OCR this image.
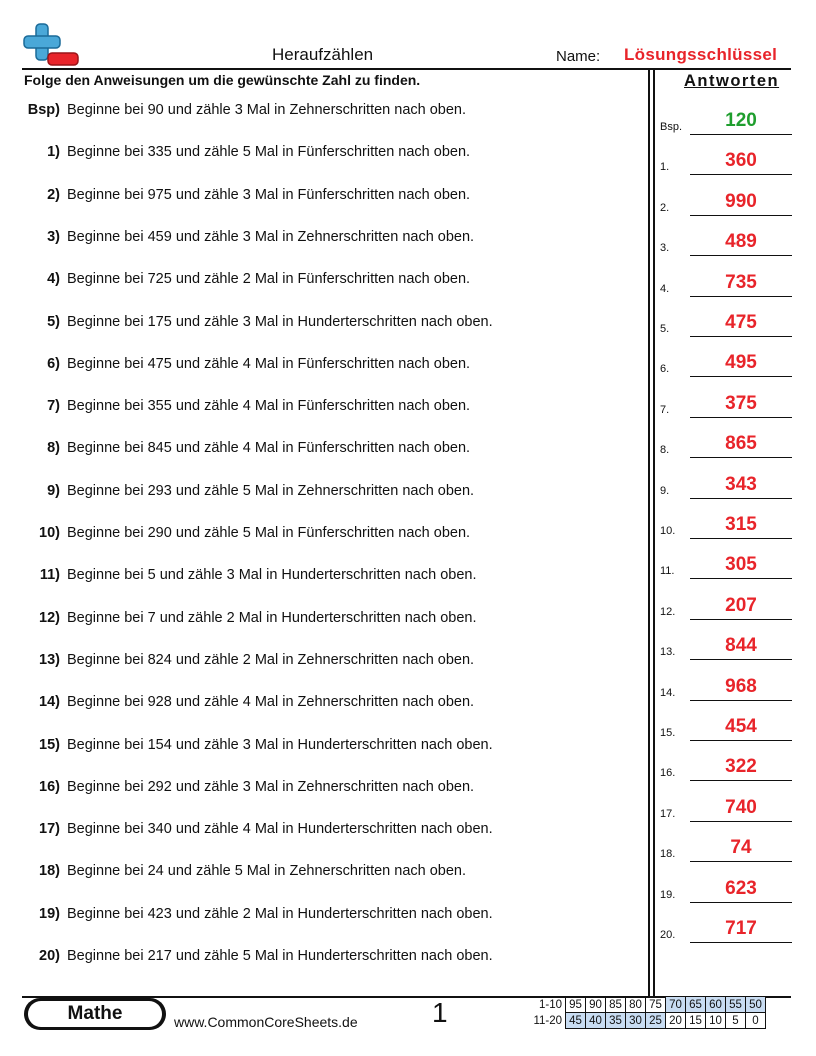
Heraufzählen	Name: Lösungsschlüssel
Folge den Anweisungen um die gewünschte Zahl zu finden.	Antworten
Bsp) Beginne bei 90 und zähle 3 Mal in Zehnerschritten nach oben.
1) Beginne bei 335 und zähle 5 Mal in Fünferschritten nach oben.
2) Beginne bei 975 und zähle 3 Mal in Fünferschritten nach oben.
3) Beginne bei 459 und zähle 3 Mal in Zehnerschritten nach oben.
4) Beginne bei 725 und zähle 2 Mal in Fünferschritten nach oben.
5) Beginne bei 175 und zähle 3 Mal in Hunderterschritten nach oben.
6) Beginne bei 475 und zähle 4 Mal in Fünferschritten nach oben.
7) Beginne bei 355 und zähle 4 Mal in Fünferschritten nach oben.
8) Beginne bei 845 und zähle 4 Mal in Fünferschritten nach oben.
9) Beginne bei 293 und zähle 5 Mal in Zehnerschritten nach oben.
10) Beginne bei 290 und zähle 5 Mal in Fünferschritten nach oben.
11) Beginne bei 5 und zähle 3 Mal in Hunderterschritten nach oben.
12) Beginne bei 7 und zähle 2 Mal in Hunderterschritten nach oben.
13) Beginne bei 824 und zähle 2 Mal in Zehnerschritten nach oben.
14) Beginne bei 928 und zähle 4 Mal in Zehnerschritten nach oben.
15) Beginne bei 154 und zähle 3 Mal in Hunderterschritten nach oben.
16) Beginne bei 292 und zähle 3 Mal in Zehnerschritten nach oben.
17) Beginne bei 340 und zähle 4 Mal in Hunderterschritten nach oben.
18) Beginne bei 24 und zähle 5 Mal in Zehnerschritten nach oben.
19) Beginne bei 423 und zähle 2 Mal in Hunderterschritten nach oben.
20) Beginne bei 217 und zähle 5 Mal in Hunderterschritten nach oben.
Bsp.	120
1.	360
2.	990
3.	489
4.	735
5.	475
6.	495
7.	375
8.	865
9.	343
10.	315
11.	305
12.	207
13.	844
14.	968
15.	454
16.	322
17.	740
18.	74
19.	623
20.	717
Mathe	www.CommonCoreSheets.de	1	1-10	95	90	85	80	75	70	65	60	55	50
11-20	45	40	35	30	25	20	15	10	5	0
